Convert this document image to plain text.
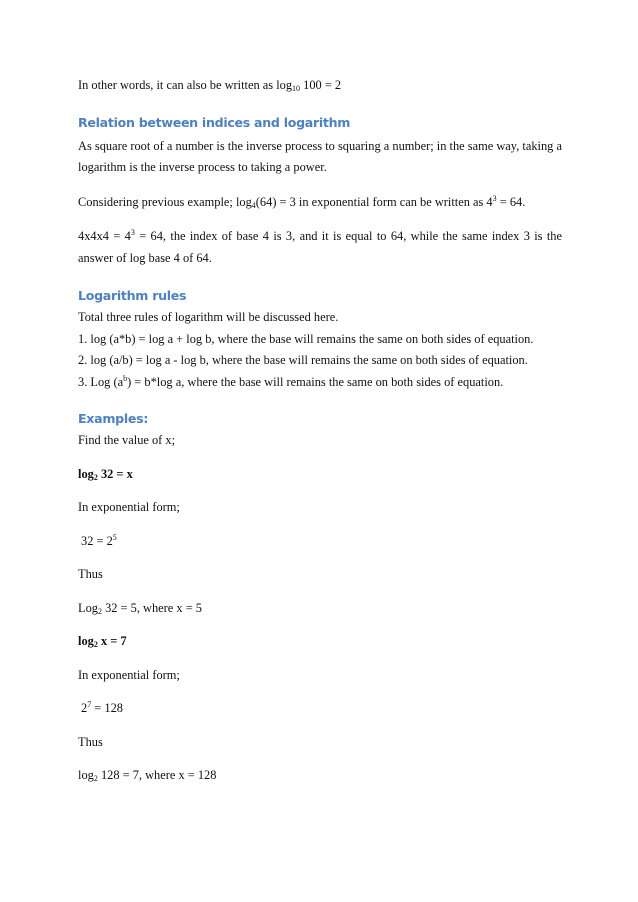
In other words, it can also be written as $\log_{10} 100 = 2$

Relation between indices and logarithm

As square root of a number is the inverse process to squaring a number; in the same way, taking a logarithm is the inverse process to taking a power.

Considering previous example; $\log_4(64) = 3$ in exponential form can be written as $4^3 = 64$.

$4x4x4 = 4^3 = 64$, the index of base 4 is 3, and it is equal to 64, while the same index 3 is the answer of log base 4 of 64.

Logarithm rules

Total three rules of logarithm will be discussed here.

1. log (a*b) = log a + log b, where the base will remains the same on both sides of equation.

2. log (a/b) = log a - log b, where the base will remains the same on both sides of equation.

3. Log $(a^b) = b*\log$ a, where the base will remains the same on both sides of equation.

Examples:

Find the value of x;

$\log_2 32 = x$

In exponential form;

$32 = 2^5$

Thus

Log$_2$ 32 = 5, where x = 5

$\log_2 x = 7$

In exponential form;

$2^7 = 128$

Thus

$\log_2 128 = 7$, where x = 128
